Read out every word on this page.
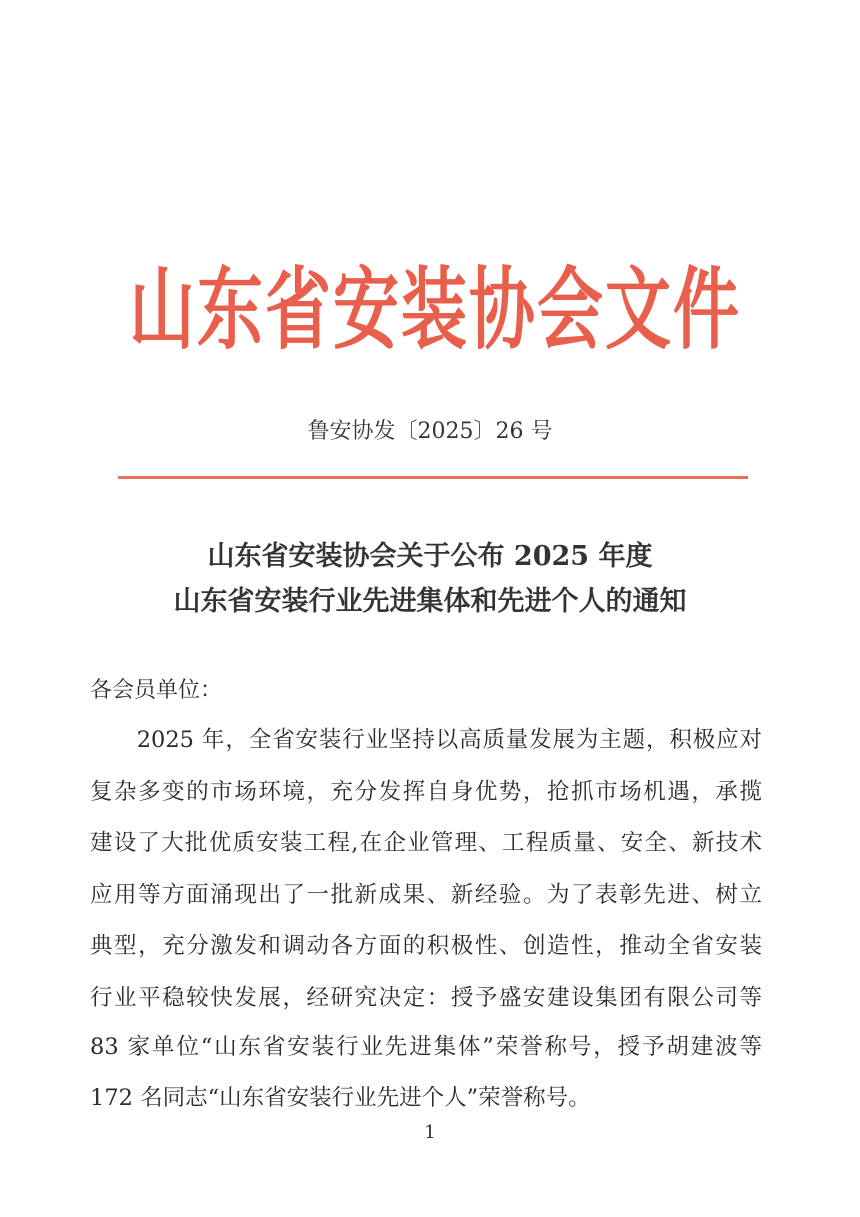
山东省安装协会文件
鲁安协发〔2025〕26 号
山东省安装协会关于公布 2025 年度
山东省安装行业先进集体和先进个人的通知
各会员单位：
　　2025 年，全省安装行业坚持以高质量发展为主题，积极应对
复杂多变的市场环境，充分发挥自身优势，抢抓市场机遇，承揽
建设了大批优质安装工程,在企业管理、工程质量、安全、新技术
应用等方面涌现出了一批新成果、新经验。为了表彰先进、树立
典型，充分激发和调动各方面的积极性、创造性，推动全省安装
行业平稳较快发展，经研究决定：授予盛安建设集团有限公司等
83 家单位“山东省安装行业先进集体”荣誉称号，授予胡建波等
172 名同志“山东省安装行业先进个人”荣誉称号。
1
